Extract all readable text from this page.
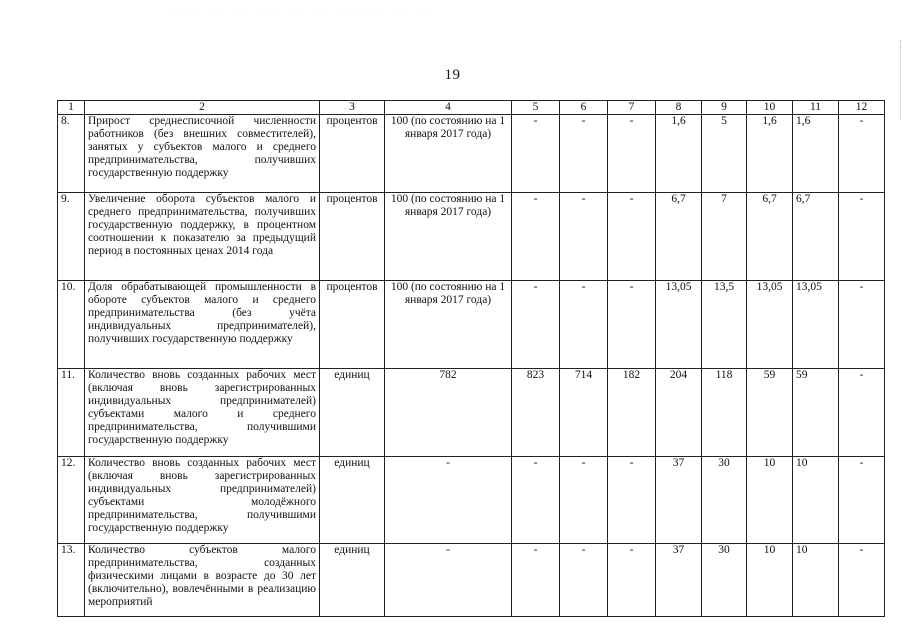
· · · · · · · · · · · · · · · · · · · · · · ·
19
1	2	3	4	5	6	7	8	9	10	11	12
8.	Прирост среднесписочной численности работников (без внешних совместителей), занятых у субъектов малого и среднего предпринимательства, получивших государственную поддержку	процентов	100 (по состоянию на 1 января 2017 года)	-	-	-	1,6	5	1,6	1,6	-
9.	Увеличение оборота субъектов малого и среднего предпринимательства, получивших государственную поддержку, в процентном соотношении к показателю за предыдущий период в постоянных ценах 2014 года	процентов	100 (по состоянию на 1 января 2017 года)	-	-	-	6,7	7	6,7	6,7	-
10.	Доля обрабатывающей промышленности в обороте субъектов малого и среднего предпринимательства (без учёта индивидуальных предпринимателей), получивших государственную поддержку	процентов	100 (по состоянию на 1 января 2017 года)	-	-	-	13,05	13,5	13,05	13,05	-
11.	Количество вновь созданных рабочих мест (включая вновь зарегистрированных индивидуальных предпринимателей) субъектами малого и среднего предпринимательства, получившими государственную поддержку	единиц	782	823	714	182	204	118	59	59	-
12.	Количество вновь созданных рабочих мест (включая вновь зарегистрированных индивидуальных предпринимателей) субъектами молодёжного предпринимательства, получившими государственную поддержку	единиц	-	-	-	-	37	30	10	10	-
13.	Количество субъектов малого предпринимательства, созданных физическими лицами в возрасте до 30 лет (включительно), вовлечёнными в реализацию мероприятий	единиц	-	-	-	-	37	30	10	10	-
